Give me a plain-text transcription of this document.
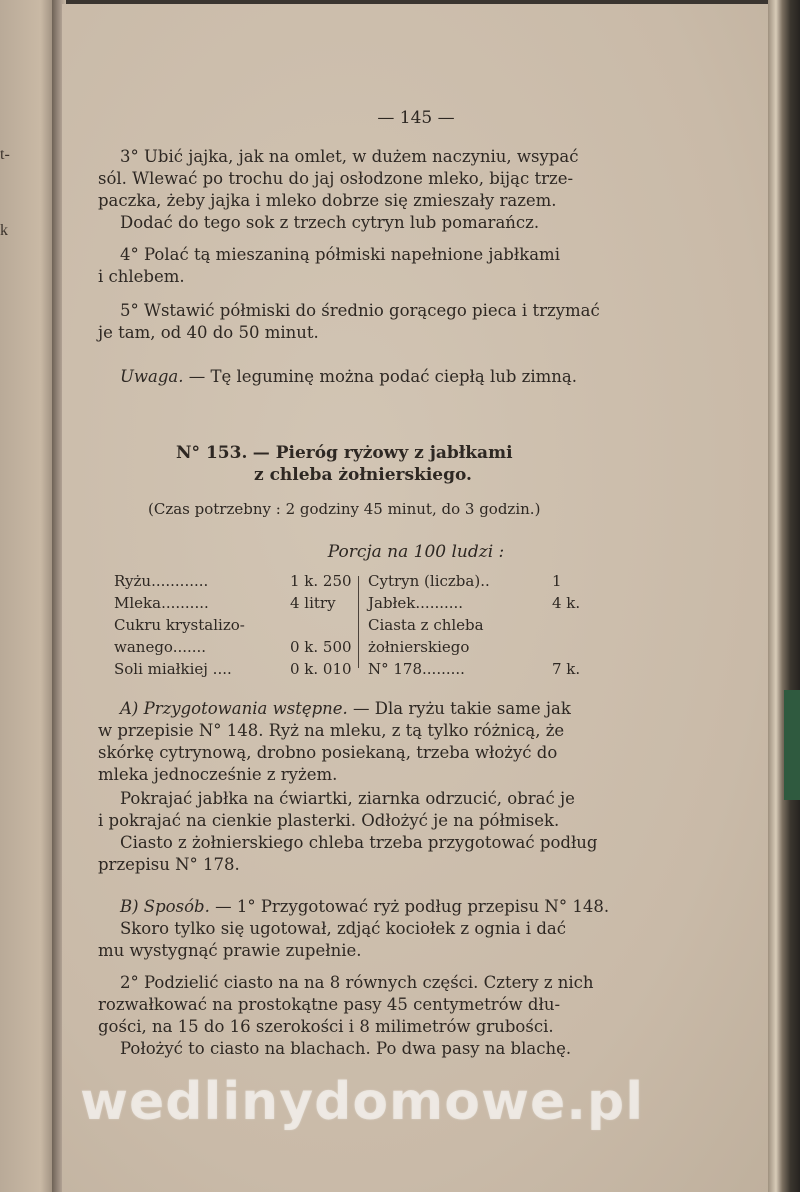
t-
k
— 145 —
3° Ubić jajka, jak na omlet, w dużem naczyniu, wsypać
sól. Wlewać po trochu do jaj osłodzone mleko, bijąc trze-
paczka, żeby jajka i mleko dobrze się zmieszały razem.
Dodać do tego sok z trzech cytryn lub pomarańcz.
4° Polać tą mieszaniną półmiski napełnione jabłkami
i chlebem.
5° Wstawić półmiski do średnio gorącego pieca i trzymać
je tam, od 40 do 50 minut.
Uwaga. — Tę leguminę można podać ciepłą lub zimną.
N° 153. — Pieróg ryżowy z jabłkami
z chleba żołnierskiego.
(Czas potrzebny : 2 godziny 45 minut, do 3 godzin.)
Porcja na 100 ludzi :
Ryżu............
Mleka..........
Cukru krystalizo-
wanego.......
Soli miałkiej ....
1 k. 250
4 litry
0 k. 500
0 k. 010
Cytryn (liczba)..
Jabłek..........
Ciasta z chleba
żołnierskiego
N° 178.........
1
4 k.
7 k.
A) Przygotowania wstępne. — Dla ryżu takie same jak
w przepisie N° 148. Ryż na mleku, z tą tylko różnicą, że
skórkę cytrynową, drobno posiekaną, trzeba włożyć do
mleka jednocześnie z ryżem.
Pokrajać jabłka na ćwiartki, ziarnka odrzucić, obrać je
i pokrajać na cienkie plasterki. Odłożyć je na półmisek.
Ciasto z żołnierskiego chleba trzeba przygotować podług
przepisu N° 178.
B) Sposób. — 1° Przygotować ryż podług przepisu N° 148.
Skoro tylko się ugotował, zdjąć kociołek z ognia i dać
mu wystygnąć prawie zupełnie.
2° Podzielić ciasto na na 8 równych części. Cztery z nich
rozwałkować na prostokątne pasy 45 centymetrów dłu-
gości, na 15 do 16 szerokości i 8 milimetrów grubości.
Położyć to ciasto na blachach. Po dwa pasy na blachę.
wedlinydomowe.pl
